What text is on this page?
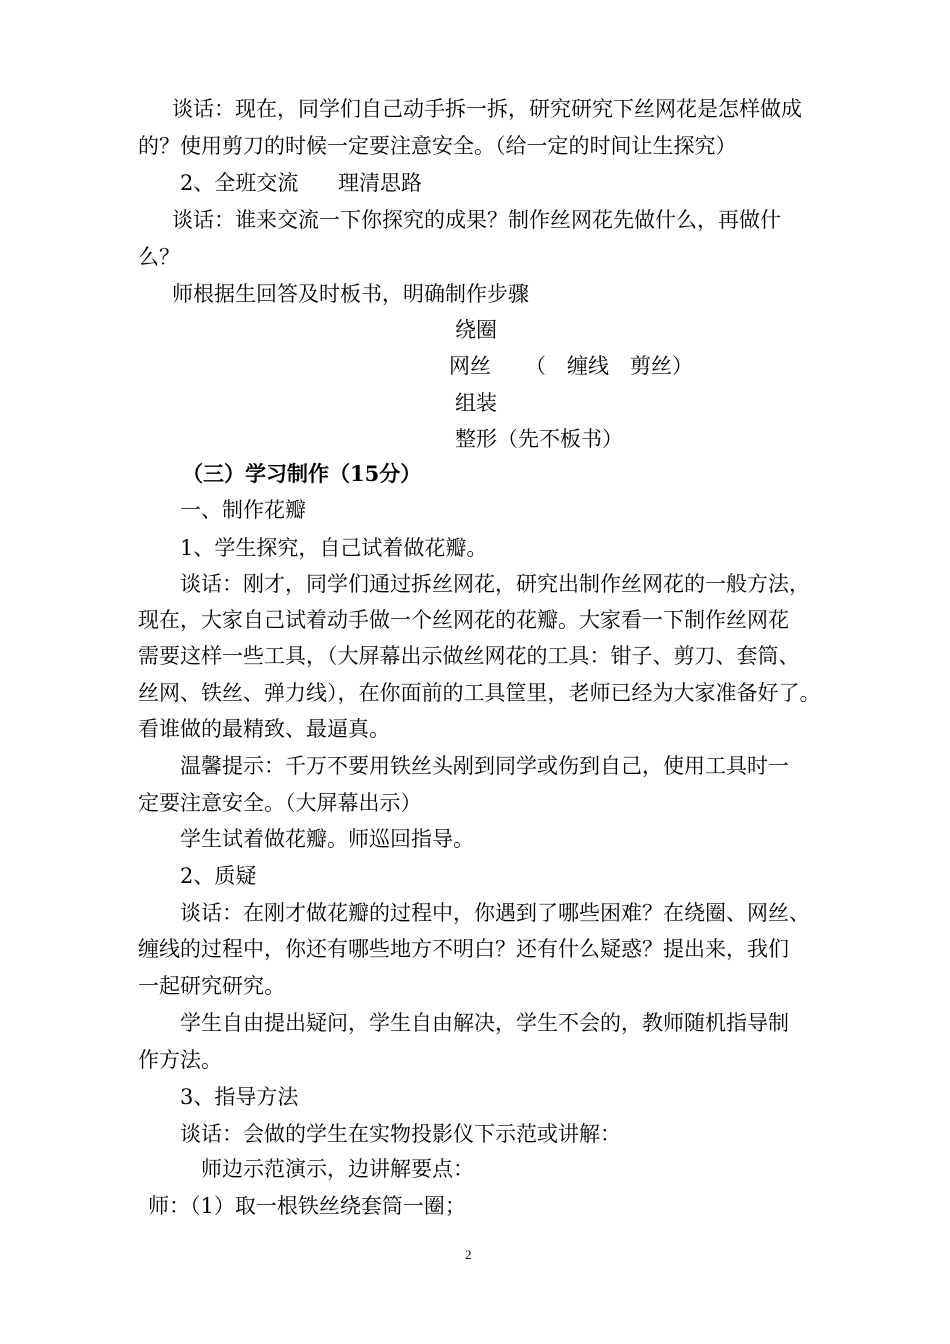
谈话：现在，同学们自己动手拆一拆，研究研究下丝网花是怎样做成
的？使用剪刀的时候一定要注意安全。（给一定的时间让生探究）
2、全班交流 理清思路
谈话：谁来交流一下你探究的成果？制作丝网花先做什么，再做什
么？
师根据生回答及时板书，明确制作步骤
绕圈
网丝 （　缠线　剪丝）
组装
整形（先不板书）
（三）学习制作（15分）
一、制作花瓣
1、学生探究，自己试着做花瓣。
谈话：刚才，同学们通过拆丝网花，研究出制作丝网花的一般方法，
现在，大家自己试着动手做一个丝网花的花瓣。大家看一下制作丝网花
需要这样一些工具，（大屏幕出示做丝网花的工具：钳子、剪刀、套筒、
丝网、铁丝、弹力线），在你面前的工具筐里，老师已经为大家准备好了。
看谁做的最精致、最逼真。
温馨提示：千万不要用铁丝头剐到同学或伤到自己，使用工具时一
定要注意安全。（大屏幕出示）
学生试着做花瓣。师巡回指导。
2、质疑
谈话：在刚才做花瓣的过程中，你遇到了哪些困难？在绕圈、网丝、
缠线的过程中，你还有哪些地方不明白？还有什么疑惑？提出来，我们
一起研究研究。
学生自由提出疑问，学生自由解决，学生不会的，教师随机指导制
作方法。
3、指导方法
谈话：会做的学生在实物投影仪下示范或讲解：
师边示范演示，边讲解要点：
师：（1）取一根铁丝绕套筒一圈；
2
